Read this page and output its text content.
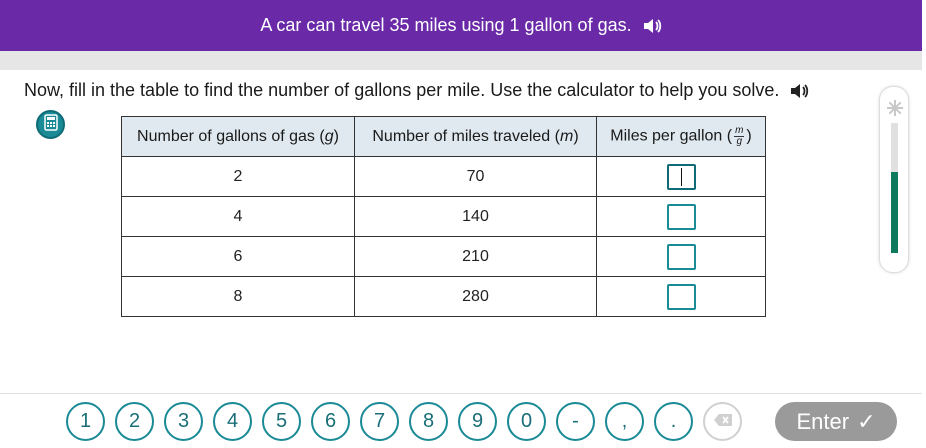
A car can travel 35 miles using 1 gallon of gas.
Now, fill in the table to find the number of gallons per mile. Use the calculator to help you solve.
Number of gallons of gas (g)	Number of miles traveled (m)	Miles per gallon ( $\frac{m}{g}$ )
2	70	
4	140	
6	210	
8	280	
1	2	3	4	5	6	7	8	9	0	-	,	.	Enter ✓
